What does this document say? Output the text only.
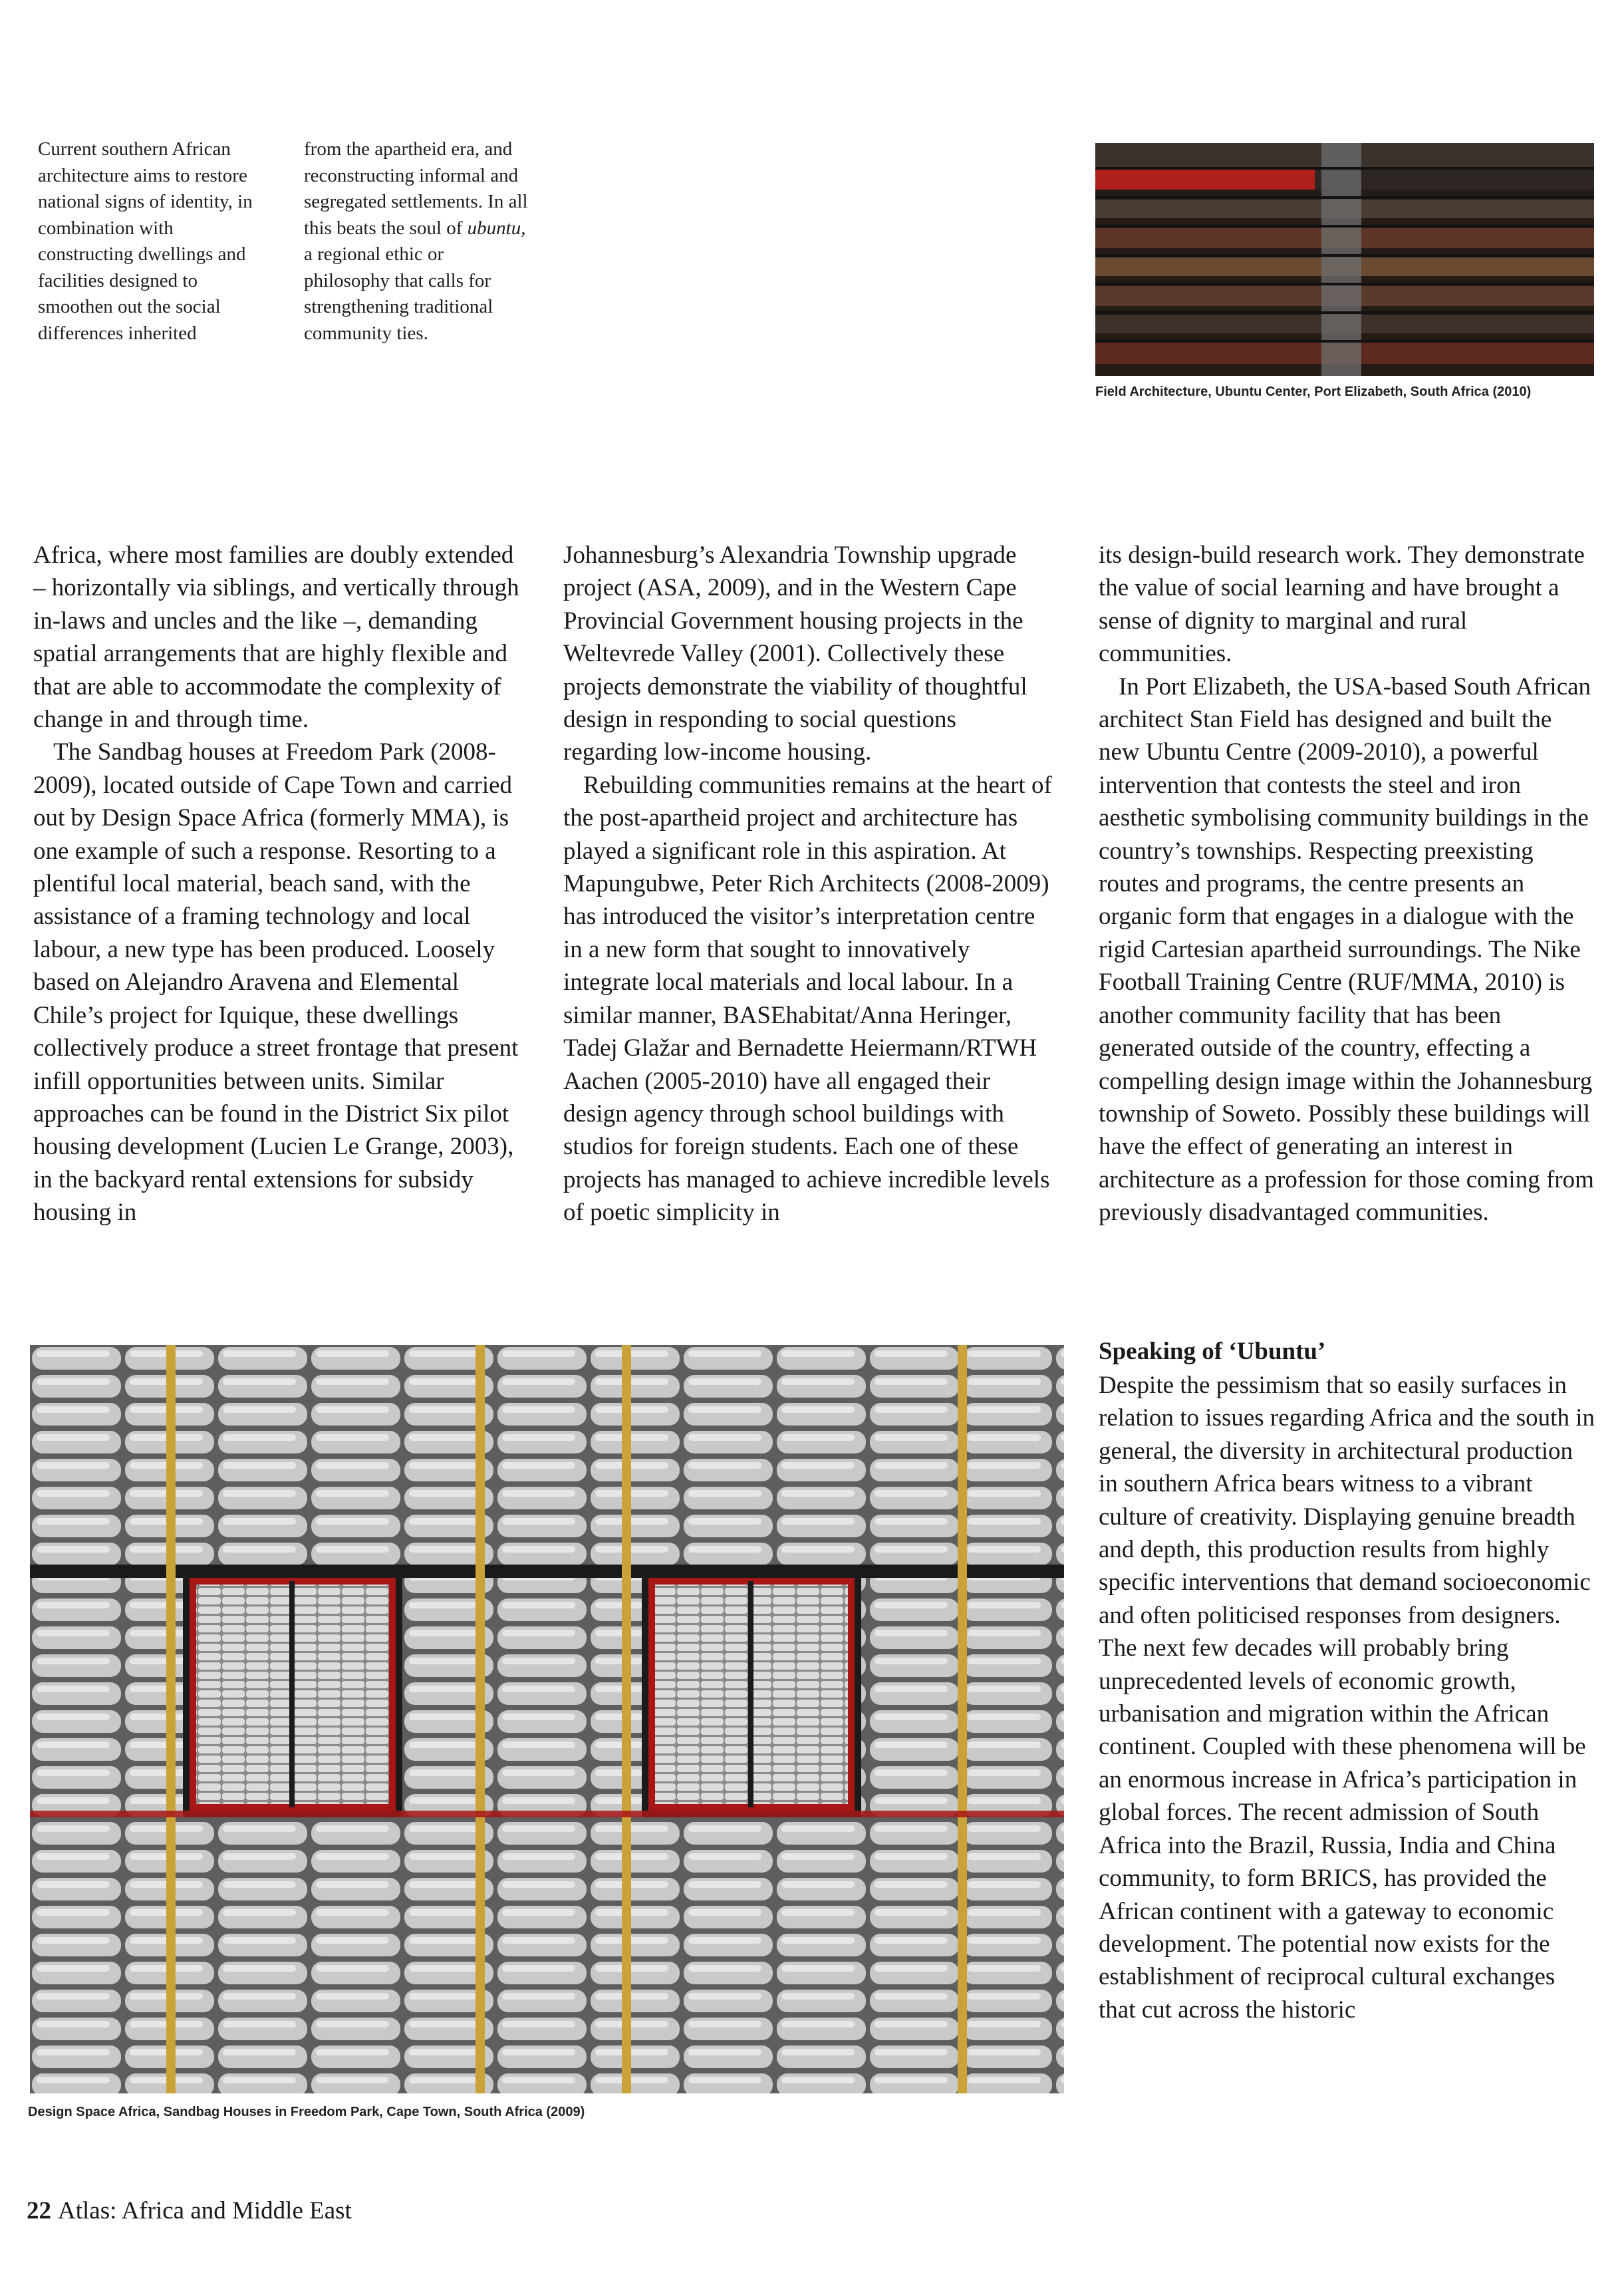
Current southern African architecture aims to restore national signs of identity, in combination with constructing dwellings and facilities designed to smoothen out the social differences inherited
from the apartheid era, and reconstructing informal and segregated settlements. In all this beats the soul of ubuntu, a regional ethic or philosophy that calls for strengthening traditional community ties.
Field Architecture, Ubuntu Center, Port Elizabeth, South Africa (2010)

Africa, where most families are doubly extended – horizontally via siblings, and vertically through in-laws and uncles and the like –, demanding spatial arrangements that are highly flexible and that are able to accommodate the complexity of change in and through time.

The Sandbag houses at Freedom Park (2008-2009), located outside of Cape Town and carried out by Design Space Africa (formerly MMA), is one example of such a response. Resorting to a plentiful local material, beach sand, with the assistance of a framing technology and local labour, a new type has been produced. Loosely based on Alejandro Aravena and Elemental Chile’s project for Iquique, these dwellings collectively produce a street frontage that present infill opportunities between units. Similar approaches can be found in the District Six pilot housing development (Lucien Le Grange, 2003), in the backyard rental extensions for subsidy housing in

Johannesburg’s Alexandria Township upgrade project (ASA, 2009), and in the Western Cape Provincial Government housing projects in the Weltevrede Valley (2001). Collectively these projects demonstrate the viability of thoughtful design in responding to social questions regarding low-income housing.

Rebuilding communities remains at the heart of the post-apartheid project and architecture has played a significant role in this aspiration. At Mapungubwe, Peter Rich Architects (2008-2009) has introduced the visitor’s interpretation centre in a new form that sought to innovatively integrate local materials and local labour. In a similar manner, BASEhabitat/Anna Heringer, Tadej Glažar and Bernadette Heiermann/RTWH Aachen (2005-2010) have all engaged their design agency through school buildings with studios for foreign students. Each one of these projects has managed to achieve incredible levels of poetic simplicity in

its design-build research work. They demonstrate the value of social learning and have brought a sense of dignity to marginal and rural communities.

In Port Elizabeth, the USA-based South African architect Stan Field has designed and built the new Ubuntu Centre (2009-2010), a powerful intervention that contests the steel and iron aesthetic symbolising community buildings in the country’s townships. Respecting preexisting routes and programs, the centre presents an organic form that engages in a dialogue with the rigid Cartesian apartheid surroundings. The Nike Football Training Centre (RUF/MMA, 2010) is another community facility that has been generated outside of the country, effecting a compelling design image within the Johannesburg township of Soweto. Possibly these buildings will have the effect of generating an interest in architecture as a profession for those coming from previously disadvantaged communities.

Speaking of ‘Ubuntu’

Despite the pessimism that so easily surfaces in relation to issues regarding Africa and the south in general, the diversity in architectural production in southern Africa bears witness to a vibrant culture of creativity. Displaying genuine breadth and depth, this production results from highly specific interventions that demand socioeconomic and often politicised responses from designers. The next few decades will probably bring unprecedented levels of economic growth, urbanisation and migration within the African continent. Coupled with these phenomena will be an enormous increase in Africa’s participation in global forces. The recent admission of South Africa into the Brazil, Russia, India and China community, to form BRICS, has provided the African continent with a gateway to economic development. The potential now exists for the establishment of reciprocal cultural exchanges that cut across the historic

Design Space Africa, Sandbag Houses in Freedom Park, Cape Town, South Africa (2009)
22 Atlas: Africa and Middle East
